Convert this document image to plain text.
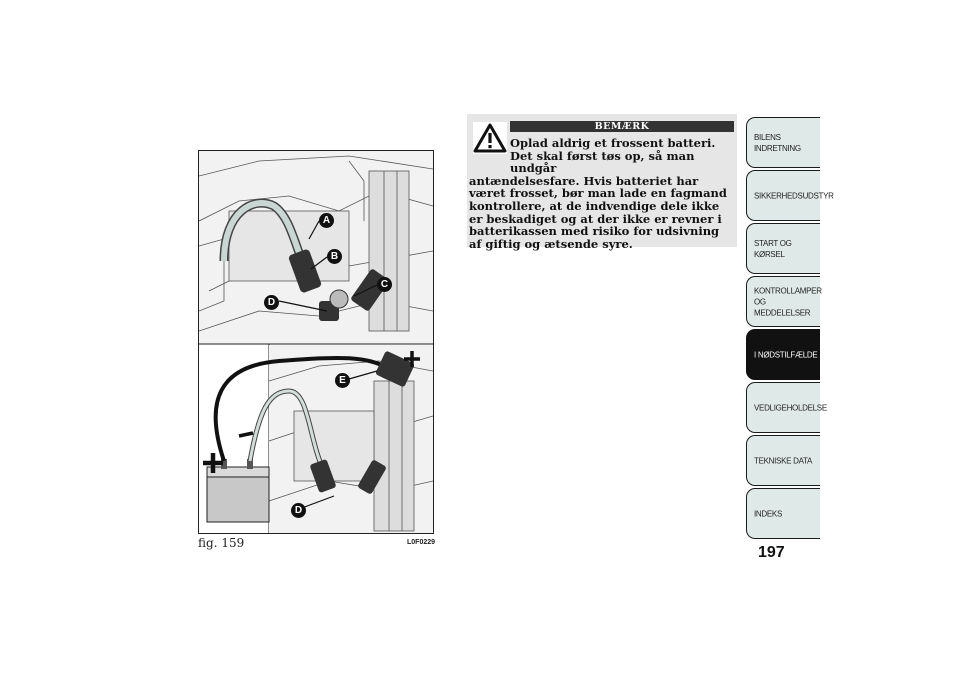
A
B
C
D
E
D
fig. 159	L0F0229
BEMÆRK
Oplad aldrig et frossent batteri. Det skal først tøs op, så man undgår
antændelsesfare. Hvis batteriet har været frosset, bør man lade en fagmand kontrollere, at de indvendige dele ikke er beskadiget og at der ikke er revner i batterikassen med risiko for udsivning af giftig og ætsende syre.
BILENS
INDRETNING
SIKKERHEDSUDSTYR
START OG KØRSEL
KONTROLLAMPER
OG MEDDELELSER
I NØDSTILFÆLDE
VEDLIGEHOLDELSE
TEKNISKE DATA
INDEKS
197
